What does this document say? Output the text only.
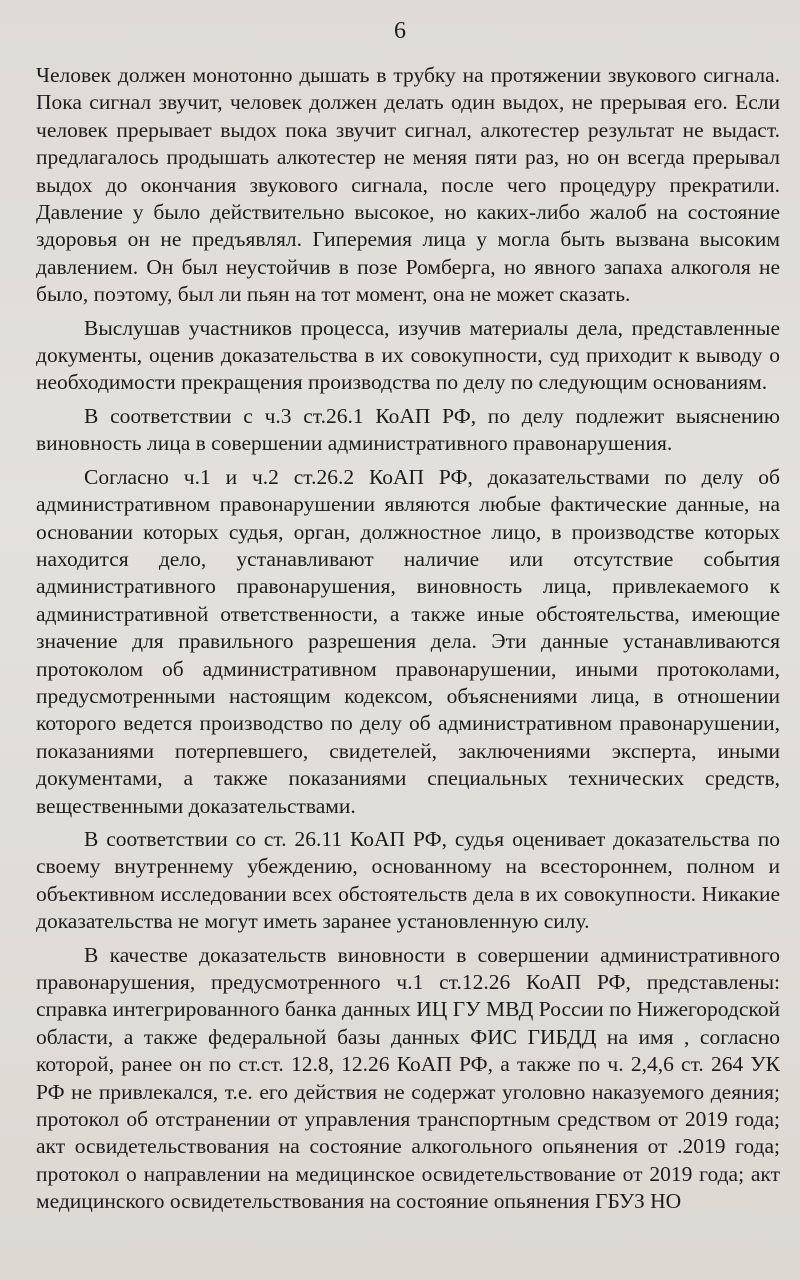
6

Человек должен монотонно дышать в трубку на протяжении звукового сигнала. Пока сигнал звучит, человек должен делать один выдох, не прерывая его. Если человек прерывает выдох пока звучит сигнал, алкотестер результат не выдаст. предлагалось продышать алкотестер не меняя пяти раз, но он всегда прерывал выдох до окончания звукового сигнала, после чего процедуру прекратили. Давление у было действительно высокое, но каких-либо жалоб на состояние здоровья он не предъявлял. Гиперемия лица у могла быть вызвана высоким давлением. Он был неустойчив в позе Ромберга, но явного запаха алкоголя не было, поэтому, был ли пьян на тот момент, она не может сказать.

Выслушав участников процесса, изучив материалы дела, представленные документы, оценив доказательства в их совокупности, суд приходит к выводу о необходимости прекращения производства по делу по следующим основаниям.

В соответствии с ч.3 ст.26.1 КоАП РФ, по делу подлежит выяснению виновность лица в совершении административного правонарушения.

Согласно ч.1 и ч.2 ст.26.2 КоАП РФ, доказательствами по делу об административном правонарушении являются любые фактические данные, на основании которых судья, орган, должностное лицо, в производстве которых находится дело, устанавливают наличие или отсутствие события административного правонарушения, виновность лица, привлекаемого к административной ответственности, а также иные обстоятельства, имеющие значение для правильного разрешения дела. Эти данные устанавливаются протоколом об административном правонарушении, иными протоколами, предусмотренными настоящим кодексом, объяснениями лица, в отношении которого ведется производство по делу об административном правонарушении, показаниями потерпевшего, свидетелей, заключениями эксперта, иными документами, а также показаниями специальных технических средств, вещественными доказательствами.

В соответствии со ст. 26.11 КоАП РФ, судья оценивает доказательства по своему внутреннему убеждению, основанному на всестороннем, полном и объективном исследовании всех обстоятельств дела в их совокупности. Никакие доказательства не могут иметь заранее установленную силу.

В качестве доказательств виновности в совершении административного правонарушения, предусмотренного ч.1 ст.12.26 КоАП РФ, представлены: справка интегрированного банка данных ИЦ ГУ МВД России по Нижегородской области, а также федеральной базы данных ФИС ГИБДД на имя , согласно которой, ранее он по ст.ст. 12.8, 12.26 КоАП РФ, а также по ч. 2,4,6 ст. 264 УК РФ не привлекался, т.е. его действия не содержат уголовно наказуемого деяния; протокол об отстранении от управления транспортным средством от 2019 года; акт освидетельствования на состояние алкогольного опьянения от .2019 года; протокол о направлении на медицинское освидетельствование от 2019 года; акт медицинского освидетельствования на состояние опьянения ГБУЗ НО
